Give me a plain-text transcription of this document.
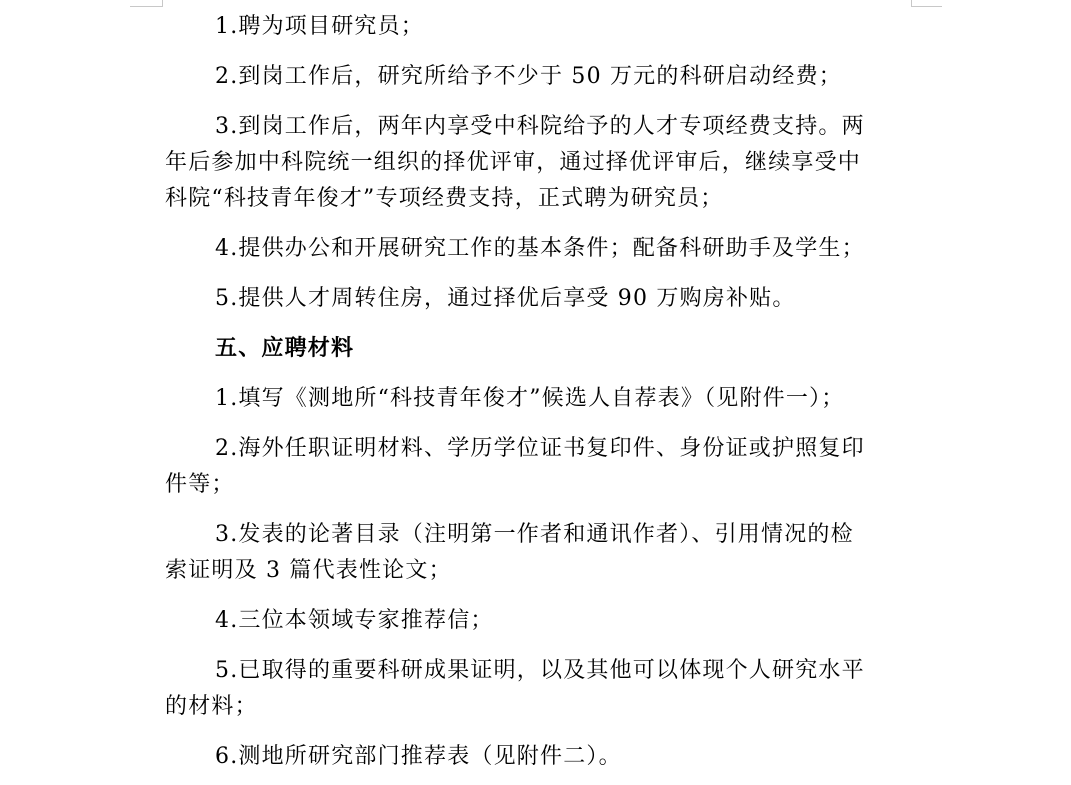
1.聘为项目研究员；

2.到岗工作后，研究所给予不少于 50 万元的科研启动经费；

3.到岗工作后，两年内享受中科院给予的人才专项经费支持。两
年后参加中科院统一组织的择优评审，通过择优评审后，继续享受中
科院“科技青年俊才”专项经费支持，正式聘为研究员；

4.提供办公和开展研究工作的基本条件；配备科研助手及学生；

5.提供人才周转住房，通过择优后享受 90 万购房补贴。

五、应聘材料

1.填写《测地所“科技青年俊才”候选人自荐表》（见附件一）；

2.海外任职证明材料、学历学位证书复印件、身份证或护照复印
件等；
3.发表的论著目录（注明第一作者和通讯作者）、引用情况的检
索证明及 3 篇代表性论文；

4.三位本领域专家推荐信；

5.已取得的重要科研成果证明，以及其他可以体现个人研究水平
的材料；

6.测地所研究部门推荐表（见附件二）。
